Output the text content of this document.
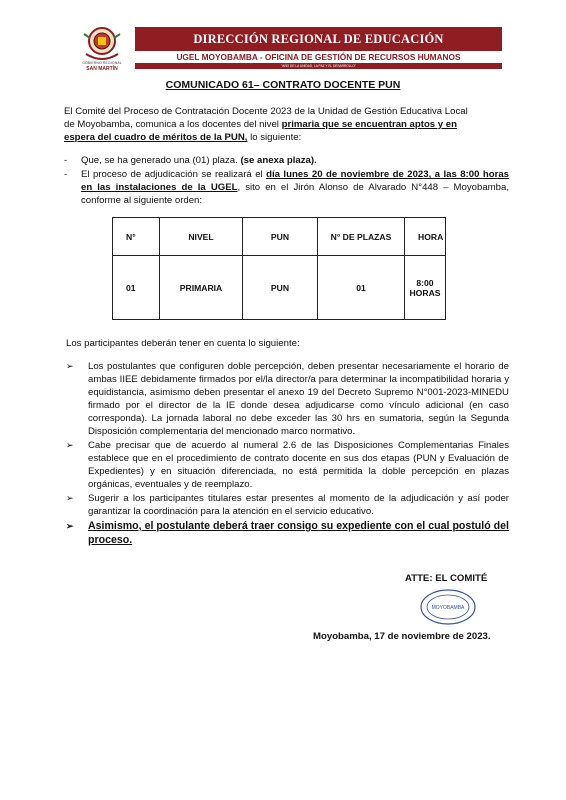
GOBIERNO REGIONAL
SAN MARTÍN
DIRECCIÓN REGIONAL DE EDUCACIÓN
UGEL MOYOBAMBA - OFICINA DE GESTIÓN DE RECURSOS HUMANOS
"AÑO DE LA UNIDAD, LA PAZ Y EL DESARROLLO"
COMUNICADO 61– CONTRATO DOCENTE PUN
El Comité del Proceso de Contratación Docente 2023 de la Unidad de Gestión Educativa Local
de Moyobamba, comunica a los docentes del nivel primaria que se encuentran aptos y en
espera del cuadro de méritos de la PUN, lo siguiente:
- Que, se ha generado una (01) plaza. (se anexa plaza).
- El proceso de adjudicación se realizará el día lunes 20 de noviembre de 2023, a las 8:00 horas en las instalaciones de la UGEL, sito en el Jirón Alonso de Alvarado N°448 – Moyobamba, conforme al siguiente orden:
N°	NIVEL	PUN	N° DE PLAZAS	HORA
01	PRIMARIA	PUN	01	8:00
HORAS
Los participantes deberán tener en cuenta lo siguiente:
➢ Los postulantes que configuren doble percepción, deben presentar necesariamente el horario de ambas IIEE debidamente firmados por el/la director/a para determinar la incompatibilidad horaria y equidistancia, asimismo deben presentar el anexo 19 del Decreto Supremo N°001-2023-MINEDU firmado por el director de la IE donde desea adjudicarse como vínculo adicional (en caso corresponda). La jornada laboral no debe exceder las 30 hrs en sumatoria, según la Segunda Disposición complementaria del mencionado marco normativo.
➢ Cabe precisar que de acuerdo al numeral 2.6 de las Disposiciones Complementarias Finales establece que en el procedimiento de contrato docente en sus dos etapas (PUN y Evaluación de Expedientes) y en situación diferenciada, no está permitida la doble percepción en plazas orgánicas, eventuales y de reemplazo.
➢ Sugerir a los participantes titulares estar presentes al momento de la adjudicación y así poder garantizar la coordinación para la atención en el servicio educativo.
➢ Asimismo, el postulante deberá traer consigo su expediente con el cual postuló del proceso.
ATTE: EL COMITÉ
MOYOBAMBA
Moyobamba, 17 de noviembre de 2023.
